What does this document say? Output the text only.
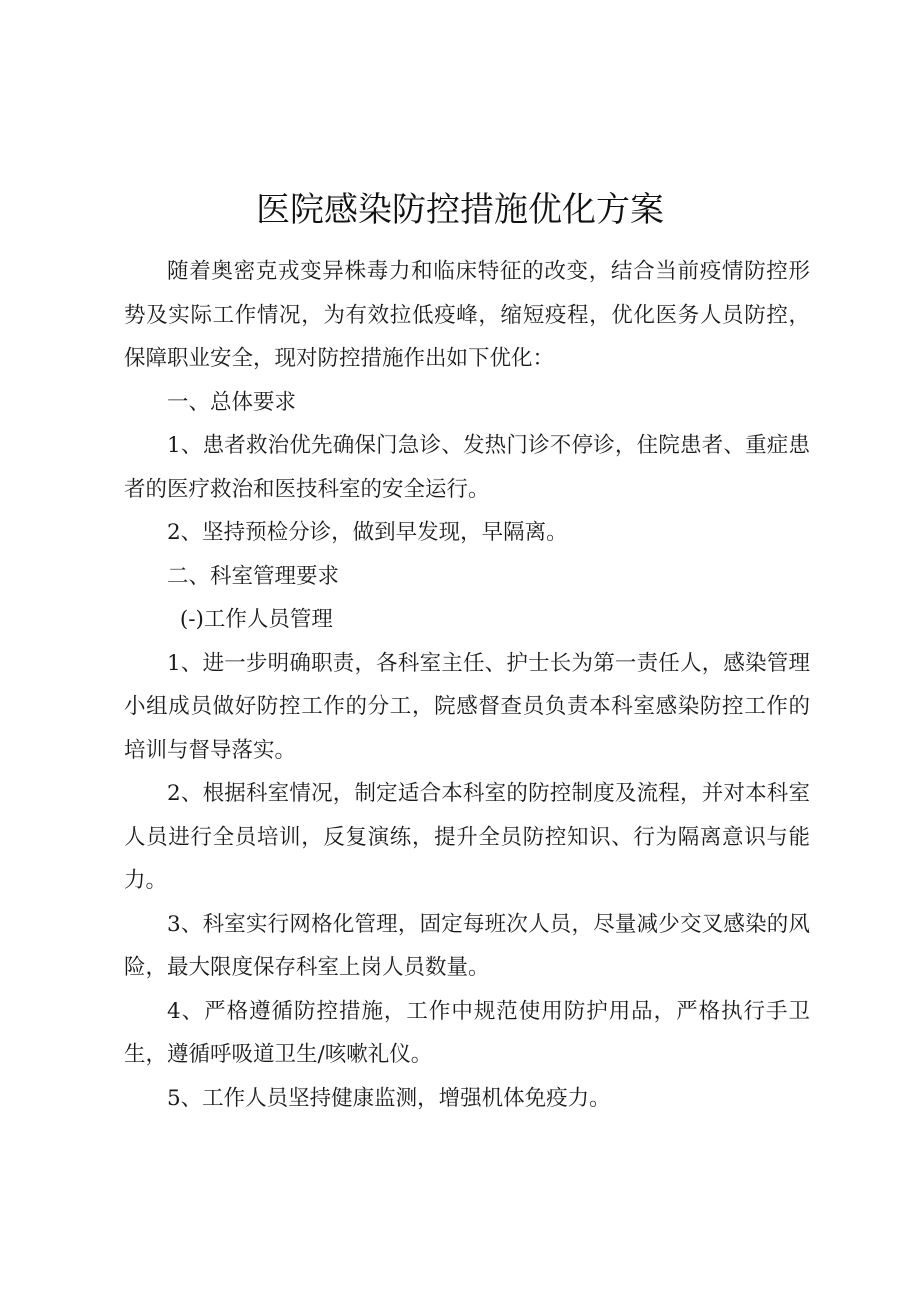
医院感染防控措施优化方案

随着奥密克戎变异株毒力和临床特征的改变，结合当前疫情防控形势及实际工作情况，为有效拉低疫峰，缩短疫程，优化医务人员防控，保障职业安全，现对防控措施作出如下优化：

一、总体要求

1、患者救治优先确保门急诊、发热门诊不停诊，住院患者、重症患者的医疗救治和医技科室的安全运行。

2、坚持预检分诊，做到早发现，早隔离。

二、科室管理要求

(-)工作人员管理

1、进一步明确职责，各科室主任、护士长为第一责任人，感染管理小组成员做好防控工作的分工，院感督查员负责本科室感染防控工作的培训与督导落实。

2、根据科室情况，制定适合本科室的防控制度及流程，并对本科室人员进行全员培训，反复演练，提升全员防控知识、行为隔离意识与能力。

3、科室实行网格化管理，固定每班次人员，尽量减少交叉感染的风险，最大限度保存科室上岗人员数量。

4、严格遵循防控措施，工作中规范使用防护用品，严格执行手卫生，遵循呼吸道卫生/咳嗽礼仪。

5、工作人员坚持健康监测，增强机体免疫力。
